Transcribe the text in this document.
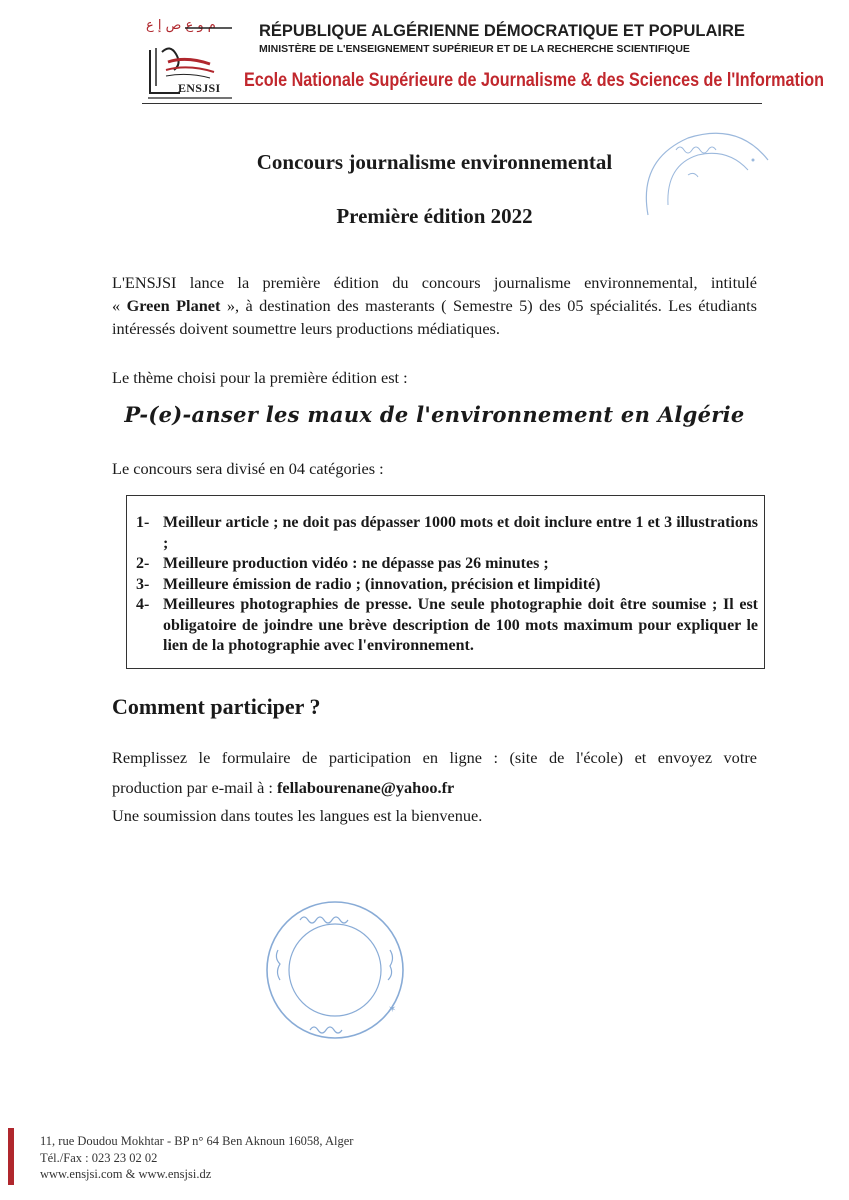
م و ع ص إ ع
ENSJSI
RÉPUBLIQUE ALGÉRIENNE DÉMOCRATIQUE ET POPULAIRE
MINISTÈRE DE L'ENSEIGNEMENT SUPÉRIEUR ET DE LA RECHERCHE SCIENTIFIQUE
Ecole Nationale Supérieure de Journalisme & des Sciences de l'Information
Concours journalisme environnemental
Première édition 2022
L'ENSJSI lance la première édition du concours journalisme environnemental, intitulé
« Green Planet », à destination des masterants ( Semestre 5) des 05 spécialités. Les étudiants intéressés doivent soumettre leurs productions médiatiques.
Le thème choisi pour la première édition est :
P-(e)-anser les maux de l'environnement en Algérie
Le concours sera divisé en 04 catégories :
1- Meilleur article ; ne doit pas dépasser 1000 mots et doit inclure entre 1 et 3 illustrations ;
2- Meilleure production vidéo : ne dépasse pas 26 minutes ;
3- Meilleure émission de radio ; (innovation, précision et limpidité)
4- Meilleures photographies de presse. Une seule photographie doit être soumise ; Il est obligatoire de joindre une brève description de 100 mots maximum pour expliquer le lien de la photographie avec l'environnement.
Comment participer ?
Remplissez le formulaire de participation en ligne : (site de l'école) et envoyez votre
production par e-mail à : fellabourenane@yahoo.fr
Une soumission dans toutes les langues est la bienvenue.
✶
11, rue Doudou Mokhtar - BP n° 64 Ben Aknoun 16058, Alger
Tél./Fax : 023 23 02 02
www.ensjsi.com & www.ensjsi.dz
